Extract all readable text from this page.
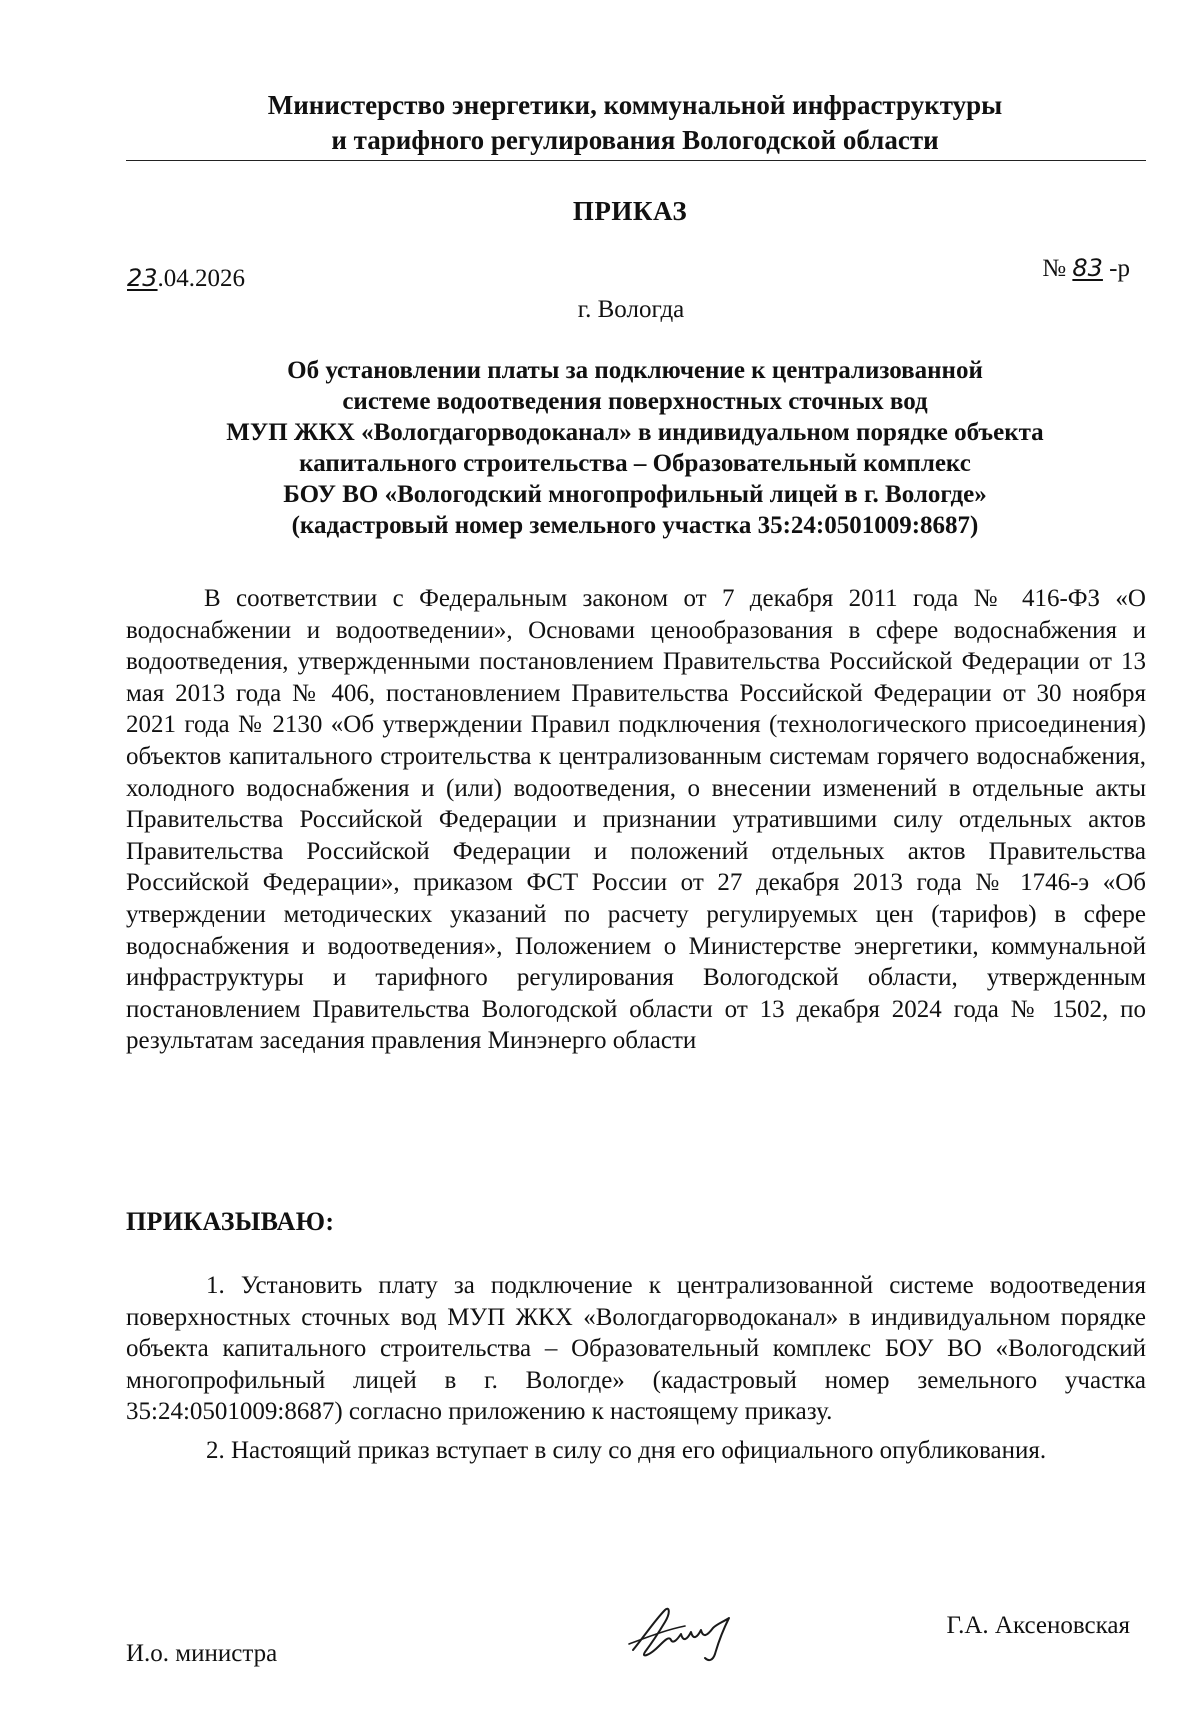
Министерство энергетики, коммунальной инфраструктуры
и тарифного регулирования Вологодской области
ПРИКАЗ
23.04.2026	№ 83 -р
г. Вологда
Об установлении платы за подключение к централизованной
системе водоотведения поверхностных сточных вод
МУП ЖКХ «Вологдагорводоканал» в индивидуальном порядке объекта
капитального строительства – Образовательный комплекс
БОУ ВО «Вологодский многопрофильный лицей в г. Вологде»
(кадастровый номер земельного участка 35:24:0501009:8687)

В соответствии с Федеральным законом от 7 декабря 2011 года № 416-ФЗ «О водоснабжении и водоотведении», Основами ценообразования в сфере водоснабжения и водоотведения, утвержденными постановлением Правительства Российской Федерации от 13 мая 2013 года № 406, постановлением Правительства Российской Федерации от 30 ноября 2021 года № 2130 «Об утверждении Правил подключения (технологического присоединения) объектов капитального строительства к централизованным системам горячего водоснабжения, холодного водоснабжения и (или) водоотведения, о внесении изменений в отдельные акты Правительства Российской Федерации и признании утратившими силу отдельных актов Правительства Российской Федерации и положений отдельных актов Правительства Российской Федерации», приказом ФСТ России от 27 декабря 2013 года № 1746-э «Об утверждении методических указаний по расчету регулируемых цен (тарифов) в сфере водоснабжения и водоотведения», Положением о Министерстве энергетики, коммунальной инфраструктуры и тарифного регулирования Вологодской области, утвержденным постановлением Правительства Вологодской области от 13 декабря 2024 года № 1502, по результатам заседания правления Минэнерго области

ПРИКАЗЫВАЮ:

1. Установить плату за подключение к централизованной системе водоотведения поверхностных сточных вод МУП ЖКХ «Вологдагорводоканал» в индивидуальном порядке объекта капитального строительства – Образовательный комплекс БОУ ВО «Вологодский многопрофильный лицей в г. Вологде» (кадастровый номер земельного участка 35:24:0501009:8687) согласно приложению к настоящему приказу.

2. Настоящий приказ вступает в силу со дня его официального опубликования.

И.о. министра
Г.А. Аксеновская
